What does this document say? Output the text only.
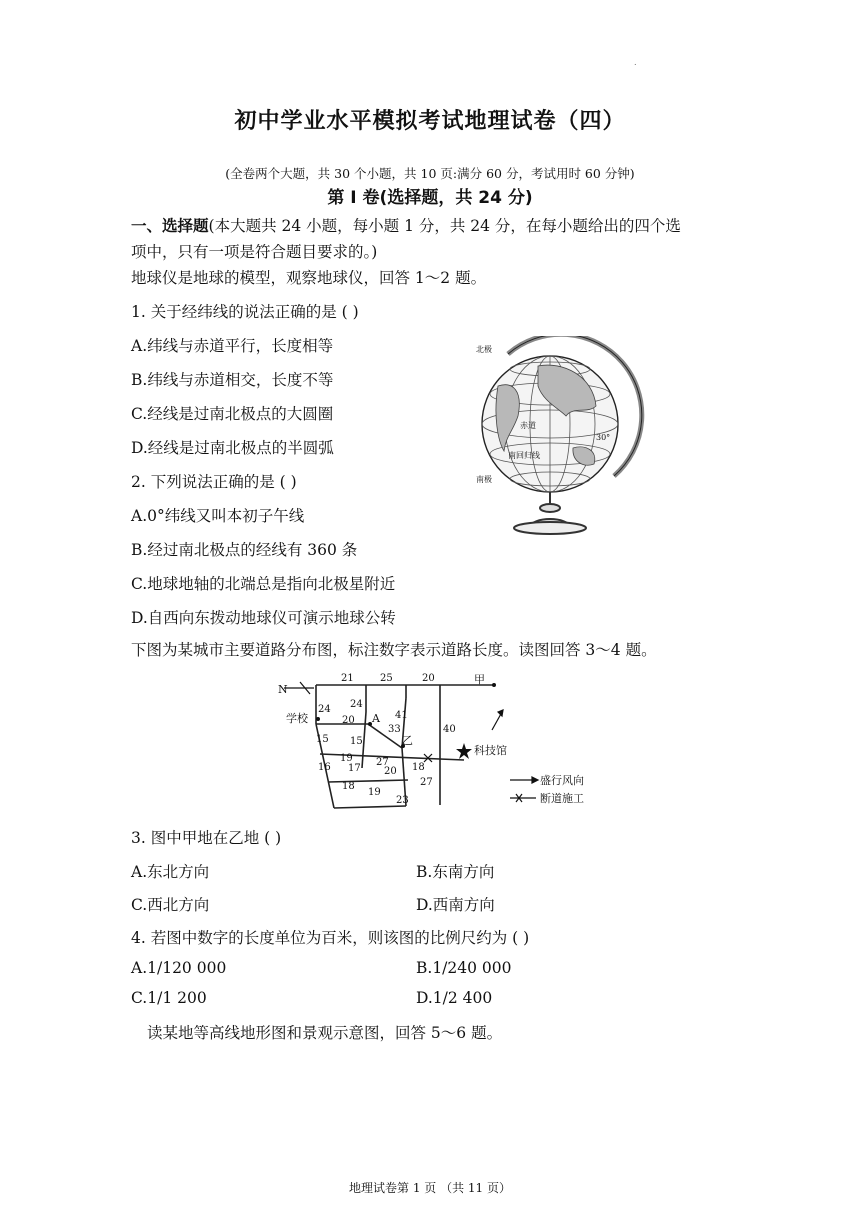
.
初中学业水平模拟考试地理试卷（四）
(全卷两个大题，共 30 个小题，共 10 页:满分 60 分，考试用时 60 分钟)
第 I 卷(选择题，共 24 分)
一、选择题(本大题共 24 小题，每小题 1 分，共 24 分，在每小题给出的四个选
项中，只有一项是符合题目要求的。)
地球仪是地球的模型，观察地球仪，回答 1～2 题。
1. 关于经纬线的说法正确的是 ( )
A.纬线与赤道平行，长度相等
B.纬线与赤道相交，长度不等
C.经线是过南北极点的大圆圈
D.经线是过南北极点的半圆弧
2. 下列说法正确的是 ( )
A.0°纬线又叫本初子午线
B.经过南北极点的经线有 360 条
C.地球地轴的北端总是指向北极星附近
D.自西向东拨动地球仪可演示地球公转
北极
南极
赤道
南回归线
30°
下图为某城市主要道路分布图，标注数字表示道路长度。读图回答 3～4 题。
N
学校	A
乙
甲
科技馆
盛行风向
断道施工
21	25	20
24 24
20	41
33	40
15 15
19
17
27
20 18
16
27
18
19
23
3. 图中甲地在乙地 ( )
A.东北方向	B.东南方向
C.西北方向	D.西南方向
4. 若图中数字的长度单位为百米，则该图的比例尺约为 ( )
A.1/120 000	B.1/240 000
C.1/1 200	D.1/2 400
读某地等高线地形图和景观示意图，回答 5～6 题。
地理试卷第 1 页 （共 11 页）
